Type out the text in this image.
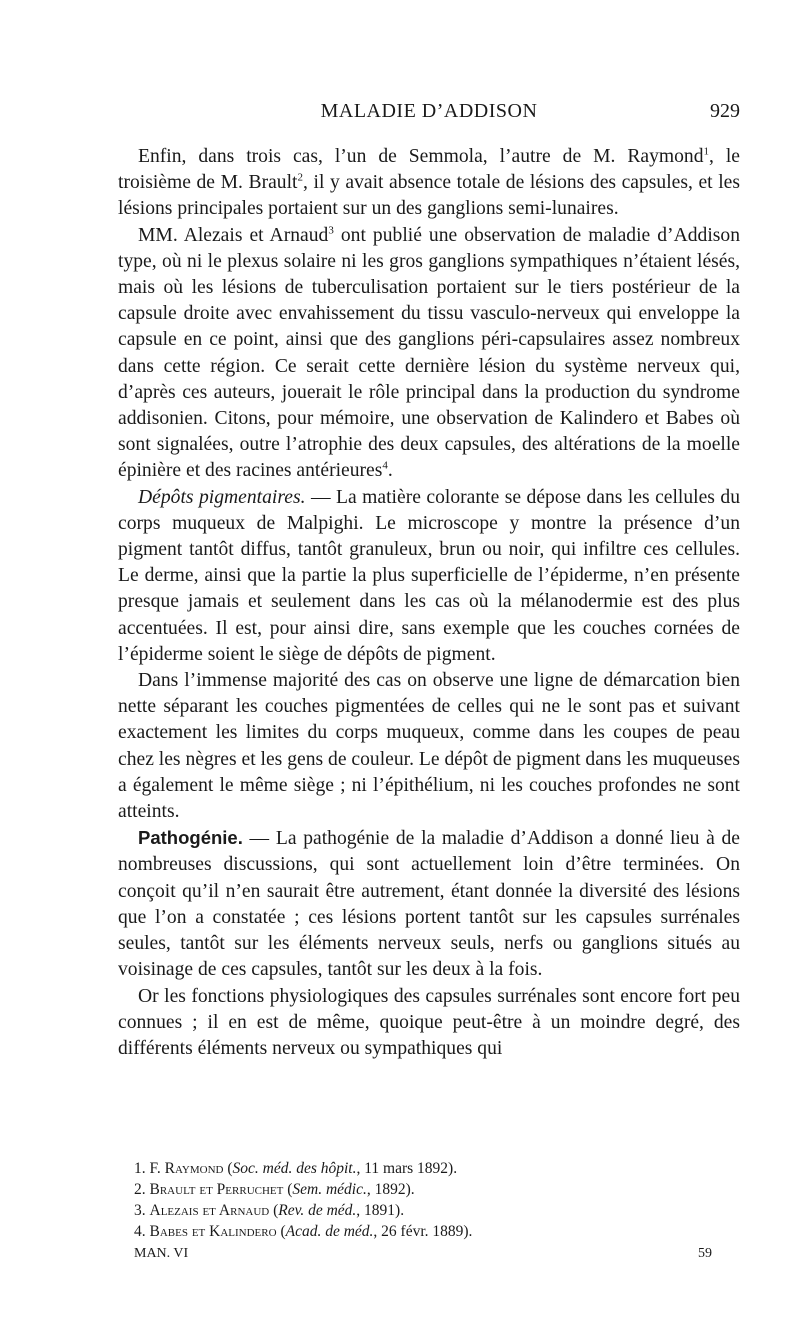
MALADIE D’ADDISON	929

Enfin, dans trois cas, l’un de Semmola, l’autre de M. Raymond$^1$, le troisième de M. Brault$^2$, il y avait absence totale de lésions des capsules, et les lésions principales portaient sur un des ganglions semi-lunaires.

MM. Alezais et Arnaud$^3$ ont publié une observation de maladie d’Addison type, où ni le plexus solaire ni les gros ganglions sympathiques n’étaient lésés, mais où les lésions de tuberculisation portaient sur le tiers postérieur de la capsule droite avec envahissement du tissu vasculo-nerveux qui enveloppe la capsule en ce point, ainsi que des ganglions péri-capsulaires assez nombreux dans cette région. Ce serait cette dernière lésion du système nerveux qui, d’après ces auteurs, jouerait le rôle principal dans la production du syndrome addisonien. Citons, pour mémoire, une observation de Kalindero et Babes où sont signalées, outre l’atrophie des deux capsules, des altérations de la moelle épinière et des racines antérieures$^4$.

Dépôts pigmentaires. — La matière colorante se dépose dans les cellules du corps muqueux de Malpighi. Le microscope y montre la présence d’un pigment tantôt diffus, tantôt granuleux, brun ou noir, qui infiltre ces cellules. Le derme, ainsi que la partie la plus superficielle de l’épiderme, n’en présente presque jamais et seulement dans les cas où la mélanodermie est des plus accentuées. Il est, pour ainsi dire, sans exemple que les couches cornées de l’épiderme soient le siège de dépôts de pigment.

Dans l’immense majorité des cas on observe une ligne de démarcation bien nette séparant les couches pigmentées de celles qui ne le sont pas et suivant exactement les limites du corps muqueux, comme dans les coupes de peau chez les nègres et les gens de couleur. Le dépôt de pigment dans les muqueuses a également le même siège ; ni l’épithélium, ni les couches profondes ne sont atteints.

Pathogénie. — La pathogénie de la maladie d’Addison a donné lieu à de nombreuses discussions, qui sont actuellement loin d’être terminées. On conçoit qu’il n’en saurait être autrement, étant donnée la diversité des lésions que l’on a constatée ; ces lésions portent tantôt sur les capsules surrénales seules, tantôt sur les éléments nerveux seuls, nerfs ou ganglions situés au voisinage de ces capsules, tantôt sur les deux à la fois.

Or les fonctions physiologiques des capsules surrénales sont encore fort peu connues ; il en est de même, quoique peut-être à un moindre degré, des différents éléments nerveux ou sympathiques qui

1. F. Raymond (Soc. méd. des hôpit., 11 mars 1892).
2. Brault et Perruchet (Sem. médic., 1892).
3. Alezais et Arnaud (Rev. de méd., 1891).
4. Babes et Kalindero (Acad. de méd., 26 févr. 1889).
MAN. VI	59
